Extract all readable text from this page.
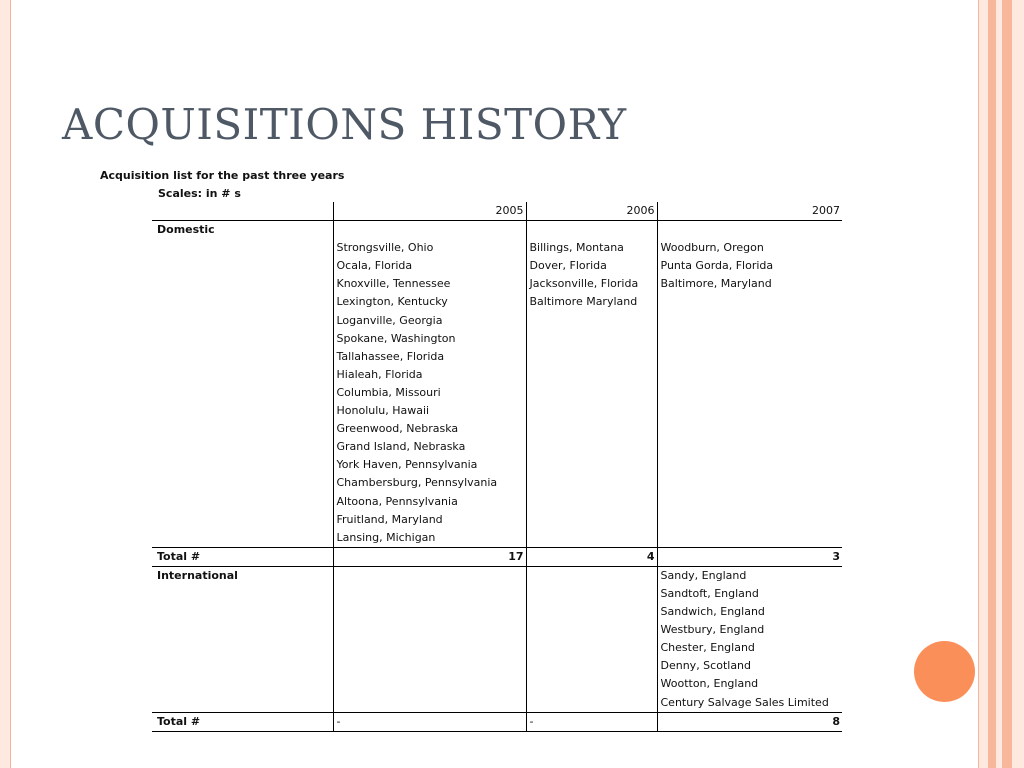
ACQUISITIONS HISTORY
Acquisition list for the past three years
Scales: in # s
	2005	2006	2007
Domestic			
	Strongsville, Ohio	Billings, Montana	Woodburn, Oregon
	Ocala, Florida	Dover, Florida	Punta Gorda, Florida
	Knoxville, Tennessee	Jacksonville, Florida	Baltimore, Maryland
	Lexington, Kentucky	Baltimore Maryland	
	Loganville, Georgia		
	Spokane, Washington		
	Tallahassee, Florida		
	Hialeah, Florida		
	Columbia, Missouri		
	Honolulu, Hawaii		
	Greenwood, Nebraska		
	Grand Island, Nebraska		
	York Haven, Pennsylvania		
	Chambersburg, Pennsylvania		
	Altoona, Pennsylvania		
	Fruitland, Maryland		
	Lansing, Michigan		
Total #	17	4	3
International			Sandy, England
			Sandtoft, England
			Sandwich, England
			Westbury, England
			Chester, England
			Denny, Scotland
			Wootton, England
			Century Salvage Sales Limited
Total #	-	-	8
